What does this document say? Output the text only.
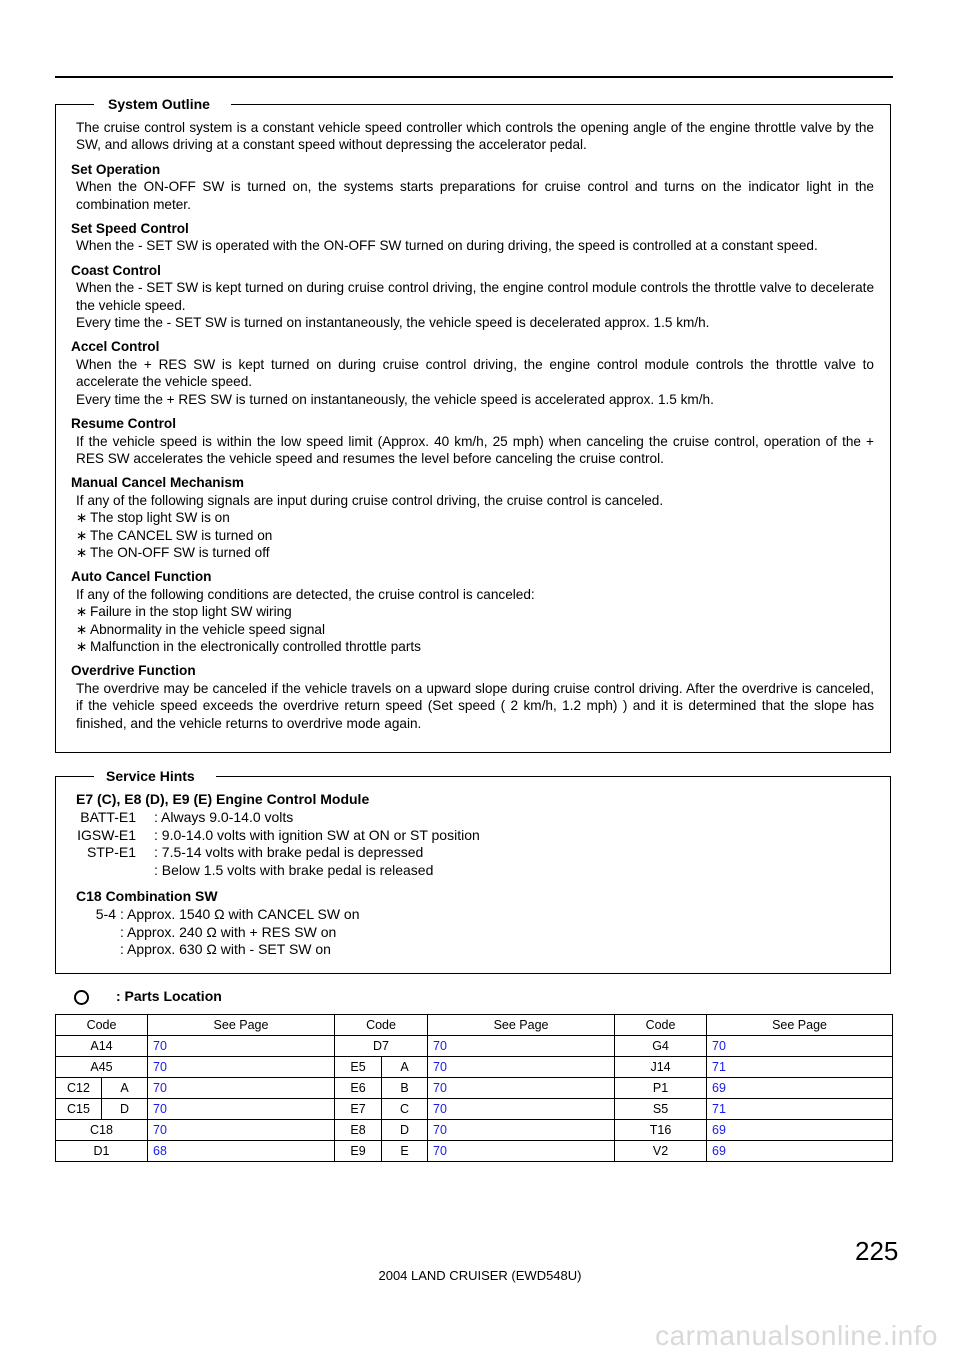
System Outline

The cruise control system is a constant vehicle speed controller which controls the opening angle of the engine throttle valve by the SW, and allows driving at a constant speed without depressing the accelerator pedal.

Set Operation

When the ON-OFF SW is turned on, the systems starts preparations for cruise control and turns on the indicator light in the combination meter.

Set Speed Control

When the - SET SW is operated with the ON-OFF SW turned on during driving, the speed is controlled at a constant speed.

Coast Control

When the - SET SW is kept turned on during cruise control driving, the engine control module controls the throttle valve to decelerate the vehicle speed.

Every time the - SET SW is turned on instantaneously, the vehicle speed is decelerated approx. 1.5 km/h.

Accel Control

When the + RES SW is kept turned on during cruise control driving, the engine control module controls the throttle valve to accelerate the vehicle speed.

Every time the + RES SW is turned on instantaneously, the vehicle speed is accelerated approx. 1.5 km/h.

Resume Control

If the vehicle speed is within the low speed limit (Approx. 40 km/h, 25 mph) when canceling the cruise control, operation of the + RES SW accelerates the vehicle speed and resumes the level before canceling the cruise control.

Manual Cancel Mechanism

If any of the following signals are input during cruise control driving, the cruise control is canceled.

∗ The stop light SW is on

∗ The CANCEL SW is turned on

∗ The ON-OFF SW is turned off

Auto Cancel Function

If any of the following conditions are detected, the cruise control is canceled:

∗ Failure in the stop light SW wiring

∗ Abnormality in the vehicle speed signal

∗ Malfunction in the electronically controlled throttle parts

Overdrive Function

The overdrive may be canceled if the vehicle travels on a upward slope during cruise control driving. After the overdrive is canceled, if the vehicle speed exceeds the overdrive return speed (Set speed ( 2 km/h, 1.2 mph) ) and it is determined that the slope has finished, and the vehicle returns to overdrive mode again.

Service Hints
E7 (C), E8 (D), E9 (E) Engine Control Module
BATT-E1 : Always 9.0-14.0 volts
IGSW-E1 : 9.0-14.0 volts with ignition SW at ON or ST position
STP-E1 : 7.5-14 volts with brake pedal is depressed
: Below 1.5 volts with brake pedal is released
C18 Combination SW
5-4 : Approx. 1540 Ω with CANCEL SW on
: Approx. 240 Ω with + RES SW on
: Approx. 630 Ω with - SET SW on
: Parts Location
Code		See Page	Code		See Page	Code	See Page
A14		70	D7		70	G4	70
A45		70	E5	A	70	J14	71
C12	A	70	E6	B	70	P1	69
C15	D	70	E7	C	70	S5	71
C18		70	E8	D	70	T16	69
D1		68	E9	E	70	V2	69
225
2004 LAND CRUISER (EWD548U)
carmanualsonline.info
